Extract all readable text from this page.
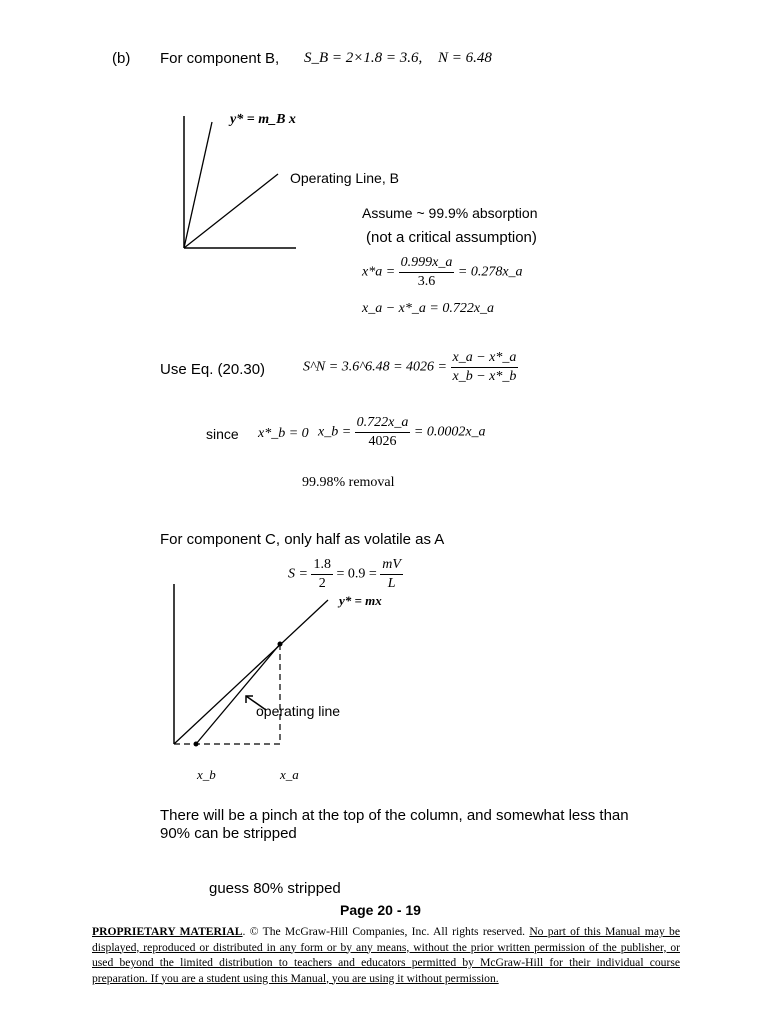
(b) For component B, S_B = 2×1.8 = 3.6, N = 6.48
y* = m_B x
Operating Line, B
Assume ~ 99.9% absorption
(not a critical assumption)
$x*a = \frac{0.999x\_a}{3.6}$ = 0.278x_a
x_a − x*_a = 0.722x_a
Use Eq. (20.30)	S^N = 3.6^6.48 = $4026 = \frac{x\_a - x*\_a}{x\_b - x*\_b}$
since x*_b = 0 x_b = $\frac{0.722x\_a}{4026}$ = 0.0002x_a
99.98% removal
For component C, only half as volatile as A
$S = \frac{1.8}{2} = 0.9 = \frac{mV}{L}$
y* = mx
operating line
x_b	x_a
There will be a pinch at the top of the column, and somewhat less than
90% can be stripped
guess 80% stripped
Page 20 - 19
PROPRIETARY MATERIAL. © The McGraw-Hill Companies, Inc. All rights reserved. No part of this Manual may be displayed, reproduced or distributed in any form or by any means, without the prior written permission of the publisher, or used beyond the limited distribution to teachers and educators permitted by McGraw-Hill for their individual course preparation. If you are a student using this Manual, you are using it without permission.
